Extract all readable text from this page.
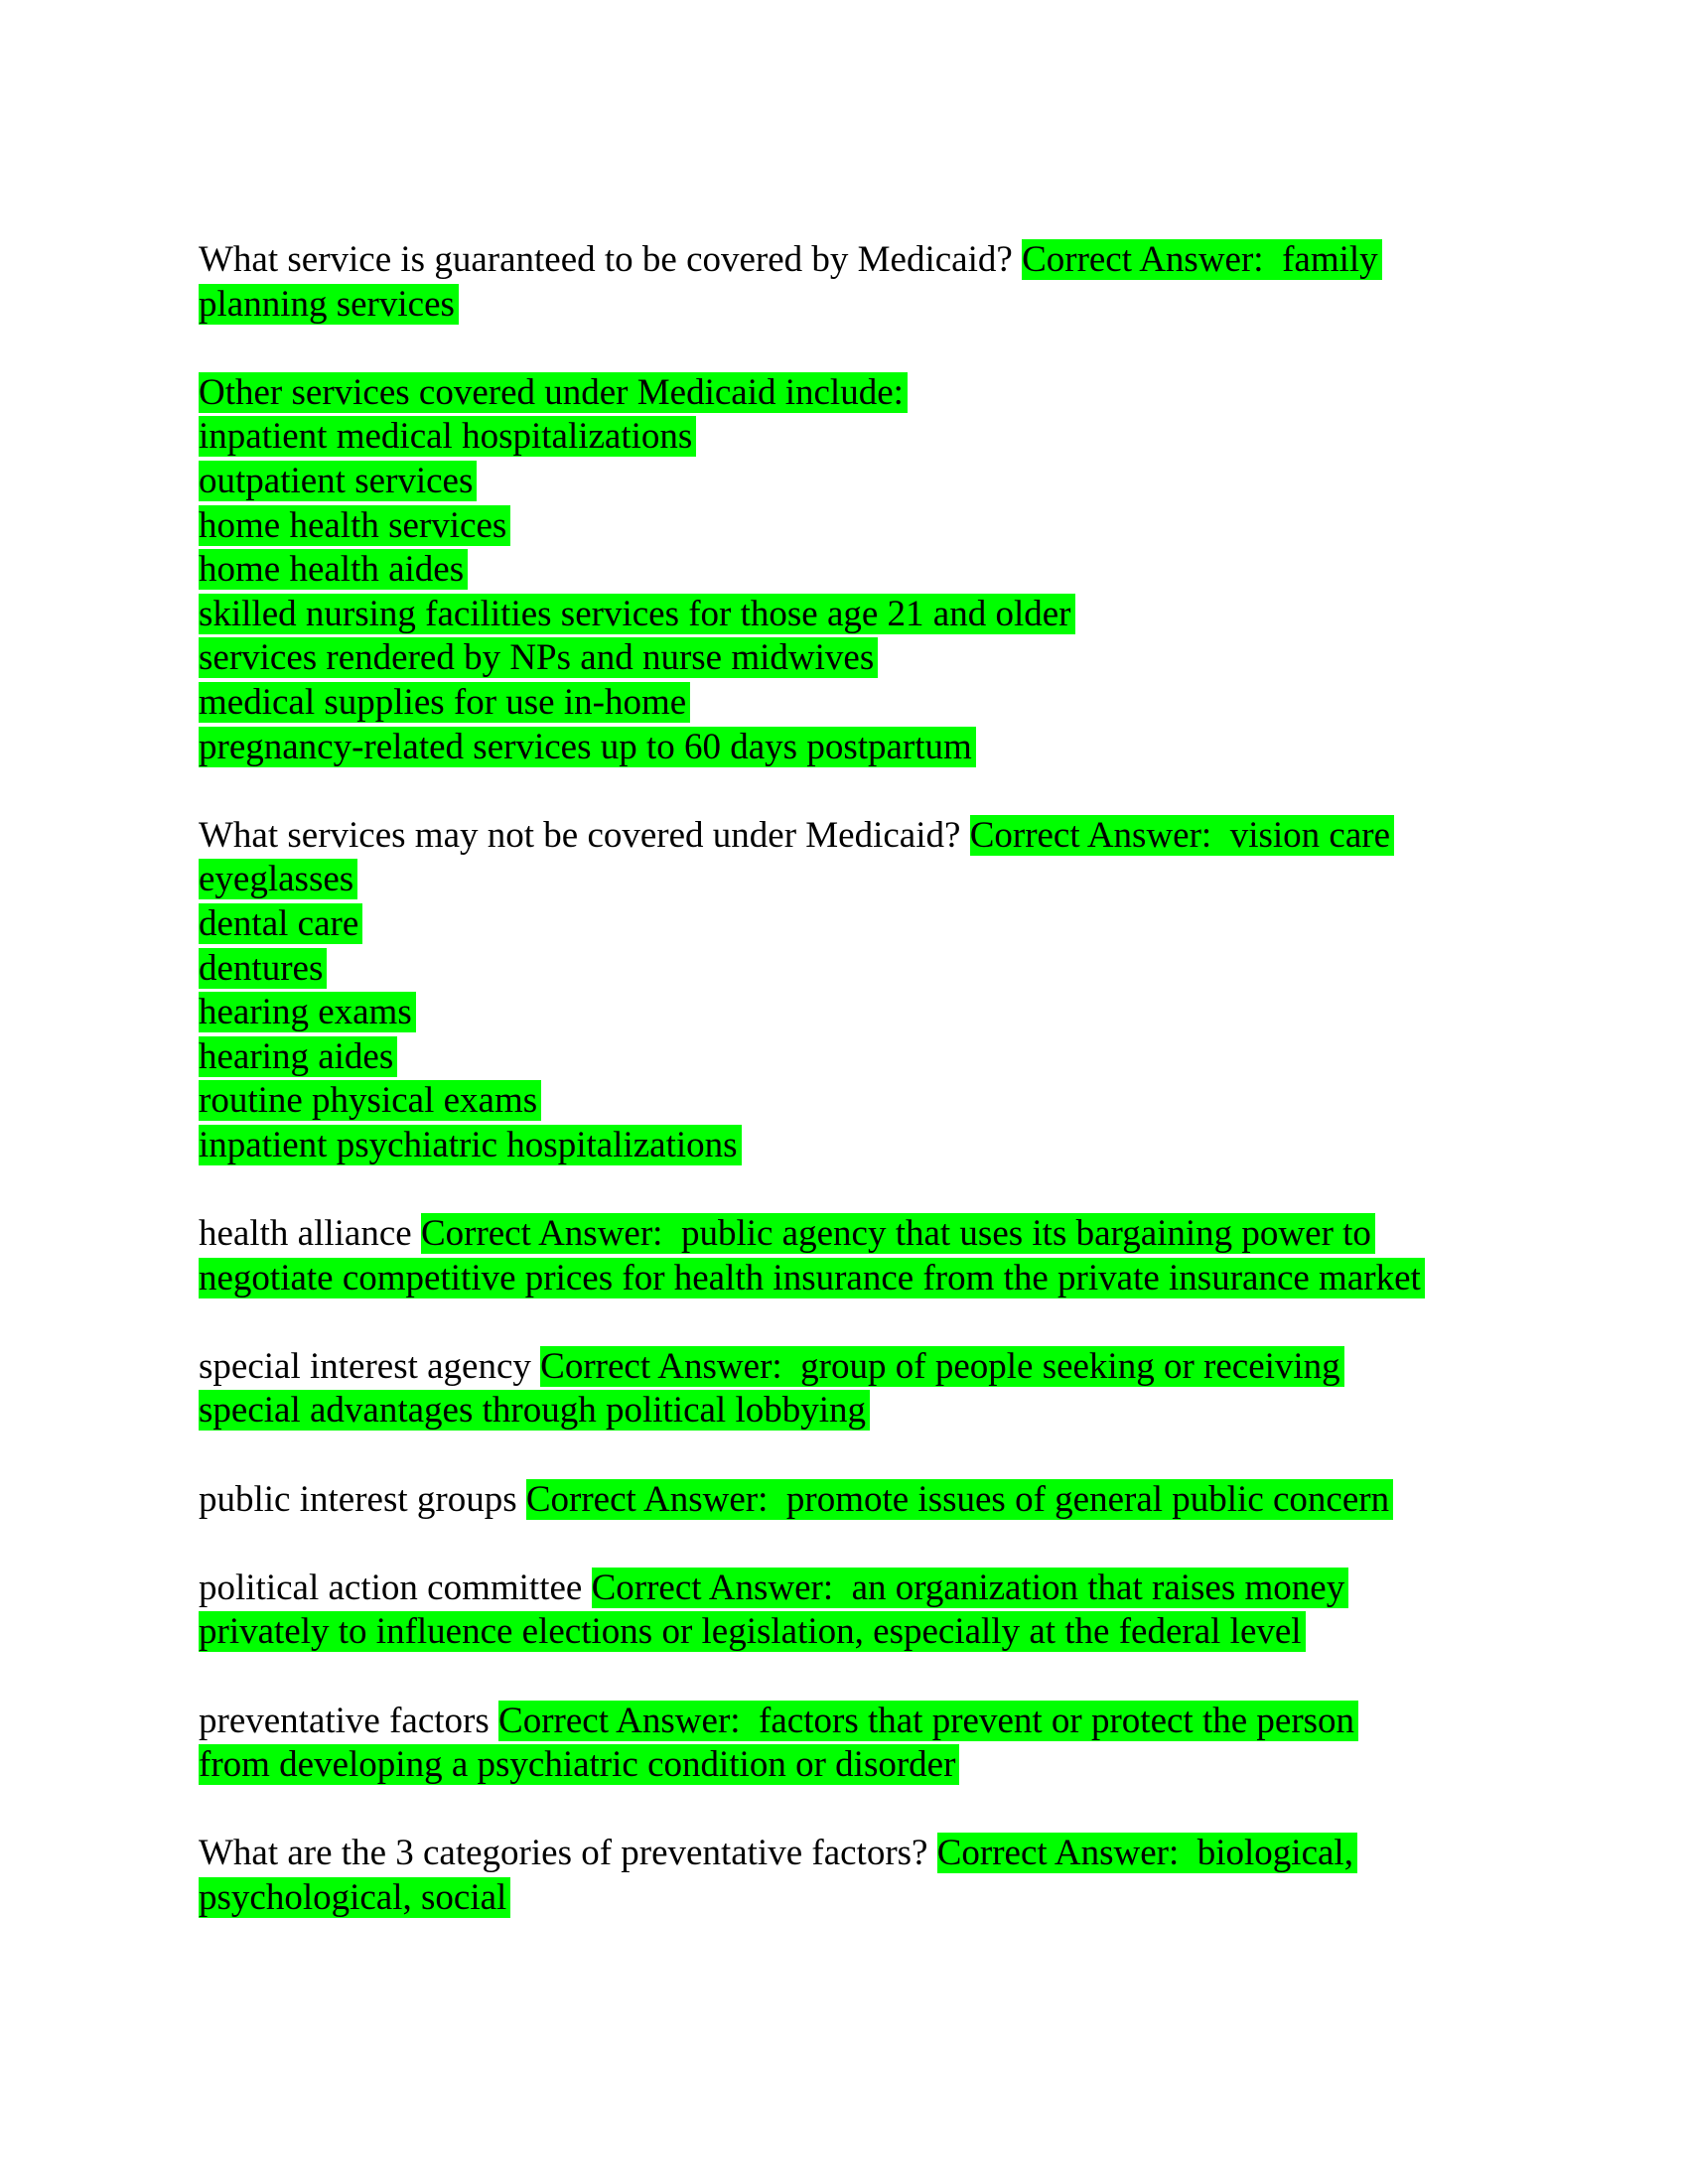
What service is guaranteed to be covered by Medicaid? Correct Answer:  family
planning services
Other services covered under Medicaid include:
inpatient medical hospitalizations
outpatient services
home health services
home health aides
skilled nursing facilities services for those age 21 and older
services rendered by NPs and nurse midwives
medical supplies for use in-home
pregnancy-related services up to 60 days postpartum
What services may not be covered under Medicaid? Correct Answer:  vision care
eyeglasses
dental care
dentures
hearing exams
hearing aides
routine physical exams
inpatient psychiatric hospitalizations
health alliance Correct Answer:  public agency that uses its bargaining power to
negotiate competitive prices for health insurance from the private insurance market
special interest agency Correct Answer:  group of people seeking or receiving
special advantages through political lobbying
public interest groups Correct Answer:  promote issues of general public concern
political action committee Correct Answer:  an organization that raises money
privately to influence elections or legislation, especially at the federal level
preventative factors Correct Answer:  factors that prevent or protect the person
from developing a psychiatric condition or disorder
What are the 3 categories of preventative factors? Correct Answer:  biological,
psychological, social
